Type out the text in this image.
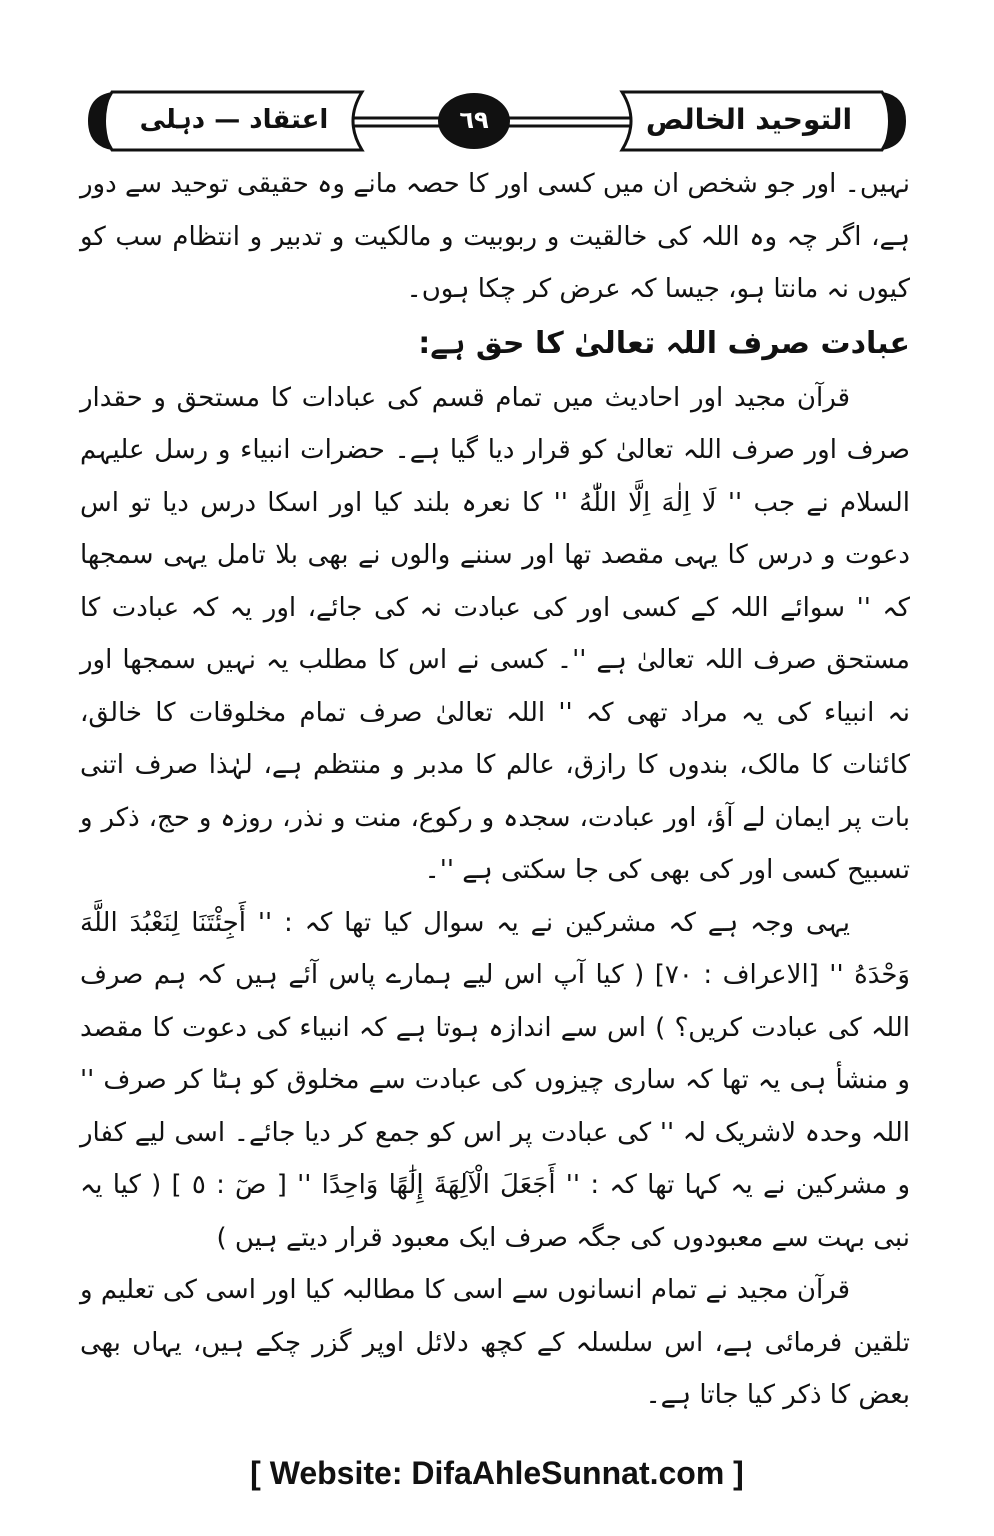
اعتقاد — دہلی	التوحید الخالص
٦٩

نہیں۔ اور جو شخص ان میں کسی اور کا حصہ مانے وہ حقیقی توحید سے دور ہے، اگر چہ وہ اللہ کی خالقیت و ربوبیت و مالکیت و تدبیر و انتظام سب کو کیوں نہ مانتا ہو، جیسا کہ عرض کر چکا ہوں۔

عبادت صرف اللہ تعالیٰ کا حق ہے:

قرآن مجید اور احادیث میں تمام قسم کی عبادات کا مستحق و حقدار صرف اور صرف اللہ تعالیٰ کو قرار دیا گیا ہے۔ حضرات انبیاء و رسل علیہم السلام نے جب '' لَا اِلٰهَ اِلَّا اللّٰهُ '' کا نعرہ بلند کیا اور اسکا درس دیا تو اس دعوت و درس کا یہی مقصد تھا اور سننے والوں نے بھی بلا تامل یہی سمجھا کہ '' سوائے اللہ کے کسی اور کی عبادت نہ کی جائے، اور یہ کہ عبادت کا مستحق صرف اللہ تعالیٰ ہے ''۔ کسی نے اس کا مطلب یہ نہیں سمجھا اور نہ انبیاء کی یہ مراد تھی کہ '' اللہ تعالیٰ صرف تمام مخلوقات کا خالق، کائنات کا مالک، بندوں کا رازق، عالم کا مدبر و منتظم ہے، لہٰذا صرف اتنی بات پر ایمان لے آؤ، اور عبادت، سجدہ و رکوع، منت و نذر، روزہ و حج، ذکر و تسبیح کسی اور کی بھی کی جا سکتی ہے ''۔

یہی وجہ ہے کہ مشرکین نے یہ سوال کیا تھا کہ : '' أَجِئْتَنَا لِنَعْبُدَ اللَّهَ وَحْدَهُ '' [الاعراف : ٧٠] ( کیا آپ اس لیے ہمارے پاس آئے ہیں کہ ہم صرف اللہ کی عبادت کریں؟ ) اس سے اندازہ ہوتا ہے کہ انبیاء کی دعوت کا مقصد و منشأ ہی یہ تھا کہ ساری چیزوں کی عبادت سے مخلوق کو ہٹا کر صرف '' اللہ وحدہ لاشریک لہ '' کی عبادت پر اس کو جمع کر دیا جائے۔ اسی لیے کفار و مشرکین نے یہ کہا تھا کہ : '' أَجَعَلَ الْآلِهَةَ إِلَٰهًا وَاحِدًا '' [ صٓ : ٥ ] ( کیا یہ نبی بہت سے معبودوں کی جگہ صرف ایک معبود قرار دیتے ہیں )

قرآن مجید نے تمام انسانوں سے اسی کا مطالبہ کیا اور اسی کی تعلیم و تلقین فرمائی ہے، اس سلسلہ کے کچھ دلائل اوپر گزر چکے ہیں، یہاں بھی بعض کا ذکر کیا جاتا ہے۔

[ Website: DifaAhleSunnat.com ]
